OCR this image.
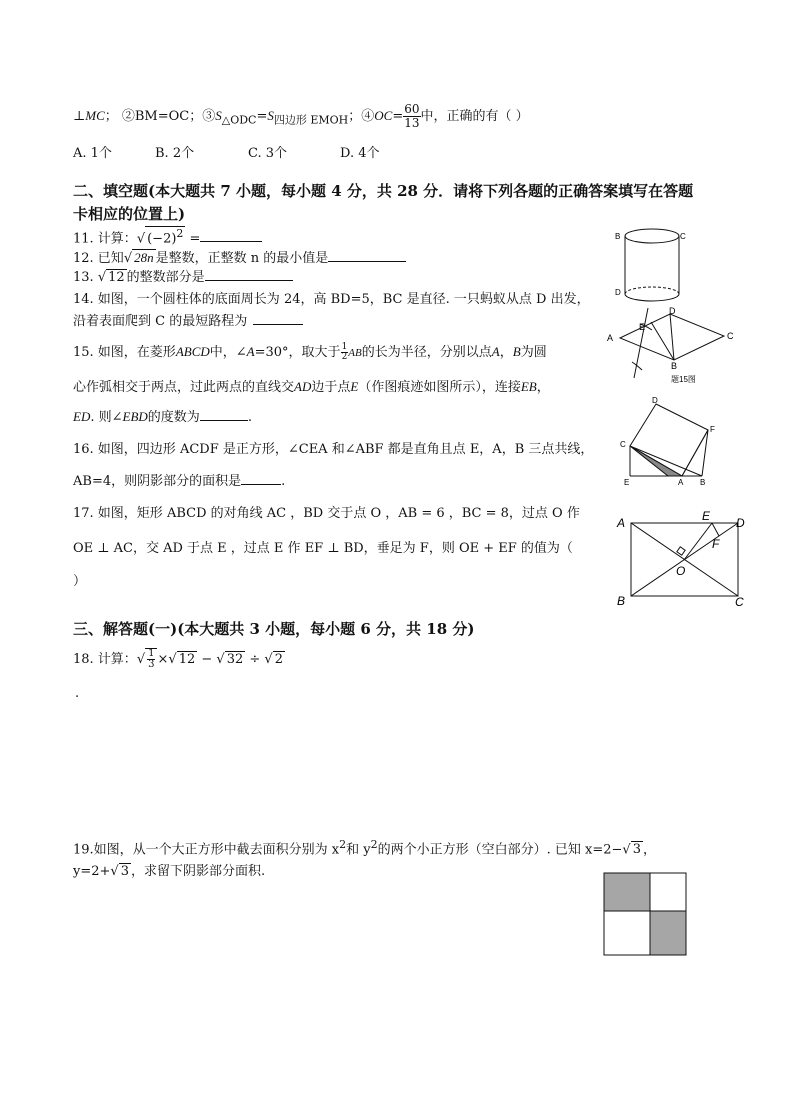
⊥MC； ②BM=OC；$③S_{\triangle ODC}=S_{四边形 EMOH}$；④OC= $\frac{60}{13}$中，正确的有（ ）
A. 1个	B. 2个	C. 3个	D. 4个
二、填空题(本大题共 7 小题，每小题 4 分，共 28 分．请将下列各题的正确答案填写在答题
卡相应的位置上)
11. 计算：√ $(-2)^2$ =
12. 已知√ 28n 是整数，正整数 n 的最小值是
13. √ 12 的整数部分是
14. 如图，一个圆柱体的底面周长为 24，高 BD=5，BC 是直径. 一只蚂蚁从点 D 出发，
沿着表面爬到 C 的最短路程为
15. 如图，在菱形ABCD中，∠A=30°，取大于 $\frac{1}{2}AB$的长为半径，分别以点A，B为圆
心作弧相交于两点，过此两点的直线交AD边于点E（作图痕迹如图所示），连接EB，
ED. 则∠EBD的度数为	.
16. 如图，四边形 ACDF 是正方形，∠CEA 和∠ABF 都是直角且点 E，A，B 三点共线，
AB=4，则阴影部分的面积是	.
17. 如图，矩形 ABCD 的对角线 AC ，BD 交于点 O ，AB = 6 ，BC = 8，过点 O 作
OE ⊥ AC，交 AD 于点 E ，过点 E 作 EF ⊥ BD，垂足为 F，则 OE + EF 的值为（
）
三、解答题(一)(本大题共 3 小题，每小题 6 分，共 18 分)
18. 计算：√ $\frac{1}{3}$ ×√ 12 − √ 32 ÷ √ 2
.
19.如图，从一个大正方形中截去面积分别为 $x^2$和 $y^2$的两个小正方形（空白部分）. 已知 x=2−√ 3 ，
y=2+√ 3 ，求留下阴影部分面积.
B	C
D
A
B
C
D
E
题15图
D
F
C
E	A B
A
B	C
D
E
F
O
